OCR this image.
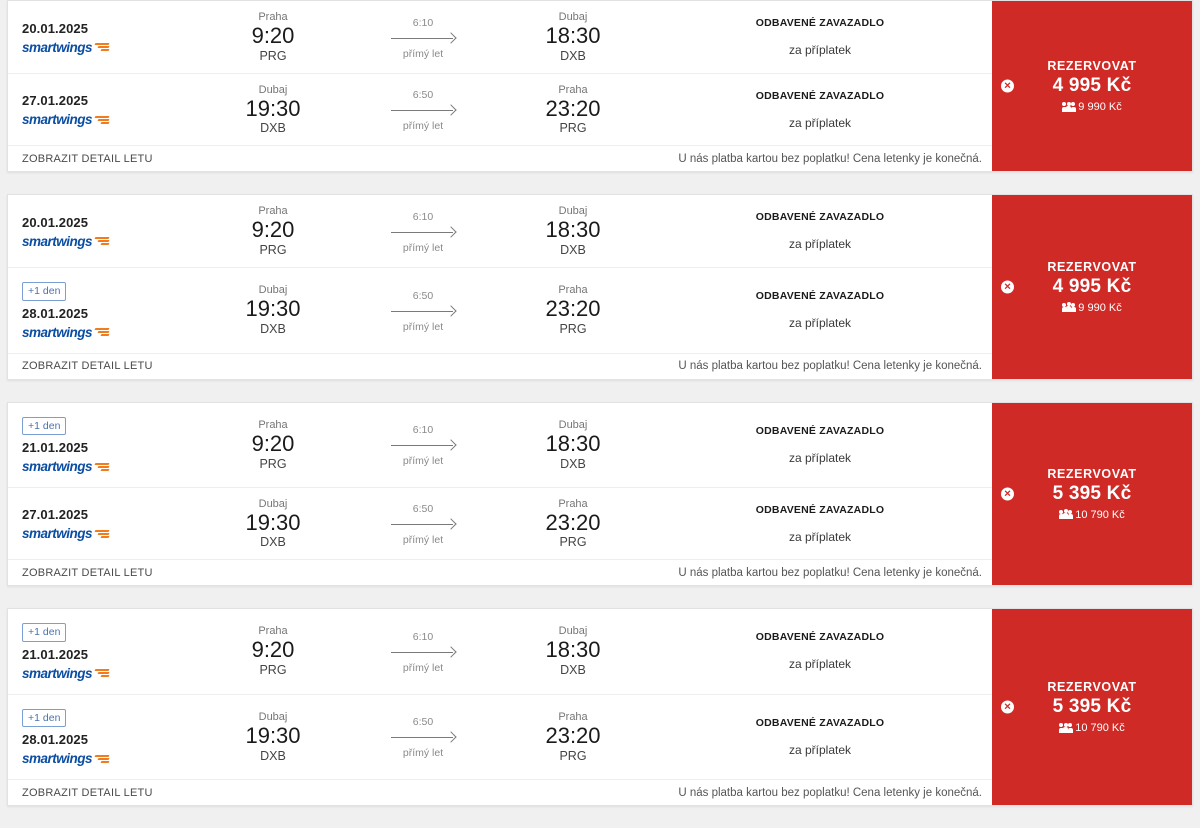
20.01.2025
smartwings
Praha
9:20
PRG
6:10
přímý let
Dubaj
18:30
DXB
ODBAVENÉ ZAVAZADLO
za příplatek
27.01.2025
smartwings
Dubaj
19:30
DXB
6:50
přímý let
Praha
23:20
PRG
ODBAVENÉ ZAVAZADLO
za příplatek
ZOBRAZIT DETAIL LETU	U nás platba kartou bez poplatku! Cena letenky je konečná.
✕
REZERVOVAT
4 995 Kč
9 990 Kč
20.01.2025
smartwings
Praha
9:20
PRG
6:10
přímý let
Dubaj
18:30
DXB
ODBAVENÉ ZAVAZADLO
za příplatek
+1 den
28.01.2025
smartwings
Dubaj
19:30
DXB
6:50
přímý let
Praha
23:20
PRG
ODBAVENÉ ZAVAZADLO
za příplatek
ZOBRAZIT DETAIL LETU	U nás platba kartou bez poplatku! Cena letenky je konečná.
✕
REZERVOVAT
4 995 Kč
9 990 Kč
+1 den
21.01.2025
smartwings
Praha
9:20
PRG
6:10
přímý let
Dubaj
18:30
DXB
ODBAVENÉ ZAVAZADLO
za příplatek
27.01.2025
smartwings
Dubaj
19:30
DXB
6:50
přímý let
Praha
23:20
PRG
ODBAVENÉ ZAVAZADLO
za příplatek
ZOBRAZIT DETAIL LETU	U nás platba kartou bez poplatku! Cena letenky je konečná.
✕
REZERVOVAT
5 395 Kč
10 790 Kč
+1 den
21.01.2025
smartwings
Praha
9:20
PRG
6:10
přímý let
Dubaj
18:30
DXB
ODBAVENÉ ZAVAZADLO
za příplatek
+1 den
28.01.2025
smartwings
Dubaj
19:30
DXB
6:50
přímý let
Praha
23:20
PRG
ODBAVENÉ ZAVAZADLO
za příplatek
ZOBRAZIT DETAIL LETU	U nás platba kartou bez poplatku! Cena letenky je konečná.
✕
REZERVOVAT
5 395 Kč
10 790 Kč
